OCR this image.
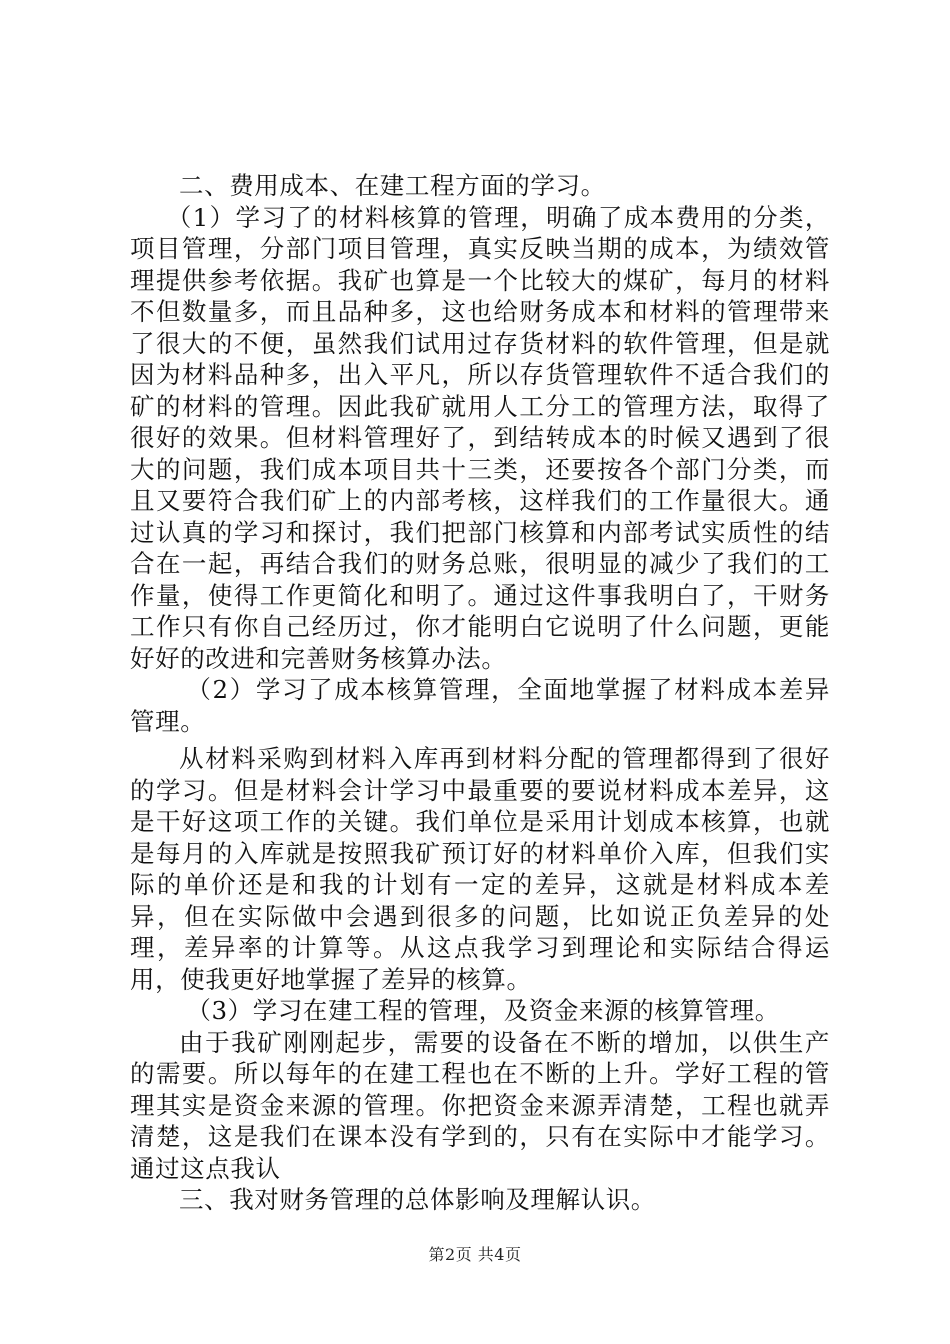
二、费用成本、在建工程方面的学习。

（1）学习了的材料核算的管理，明确了成本费用的分类，项目管理，分部门项目管理，真实反映当期的成本，为绩效管理提供参考依据。我矿也算是一个比较大的煤矿，每月的材料不但数量多，而且品种多，这也给财务成本和材料的管理带来了很大的不便，虽然我们试用过存货材料的软件管理，但是就因为材料品种多，出入平凡，所以存货管理软件不适合我们的矿的材料的管理。因此我矿就用人工分工的管理方法，取得了很好的效果。但材料管理好了，到结转成本的时候又遇到了很大的问题，我们成本项目共十三类，还要按各个部门分类，而且又要符合我们矿上的内部考核，这样我们的工作量很大。通过认真的学习和探讨，我们把部门核算和内部考试实质性的结合在一起，再结合我们的财务总账，很明显的减少了我们的工作量，使得工作更简化和明了。通过这件事我明白了，干财务工作只有你自己经历过，你才能明白它说明了什么问题，更能好好的改进和完善财务核算办法。

（2）学习了成本核算管理，全面地掌握了材料成本差异管理。

从材料采购到材料入库再到材料分配的管理都得到了很好的学习。但是材料会计学习中最重要的要说材料成本差异，这是干好这项工作的关键。我们单位是采用计划成本核算，也就是每月的入库就是按照我矿预订好的材料单价入库，但我们实际的单价还是和我的计划有一定的差异，这就是材料成本差异，但在实际做中会遇到很多的问题，比如说正负差异的处理，差异率的计算等。从这点我学习到理论和实际结合得运用，使我更好地掌握了差异的核算。

（3）学习在建工程的管理，及资金来源的核算管理。

由于我矿刚刚起步，需要的设备在不断的增加，以供生产的需要。所以每年的在建工程也在不断的上升。学好工程的管理其实是资金来源的管理。你把资金来源弄清楚，工程也就弄清楚，这是我们在课本没有学到的，只有在实际中才能学习。通过这点我认

三、我对财务管理的总体影响及理解认识。

第2页 共4页
